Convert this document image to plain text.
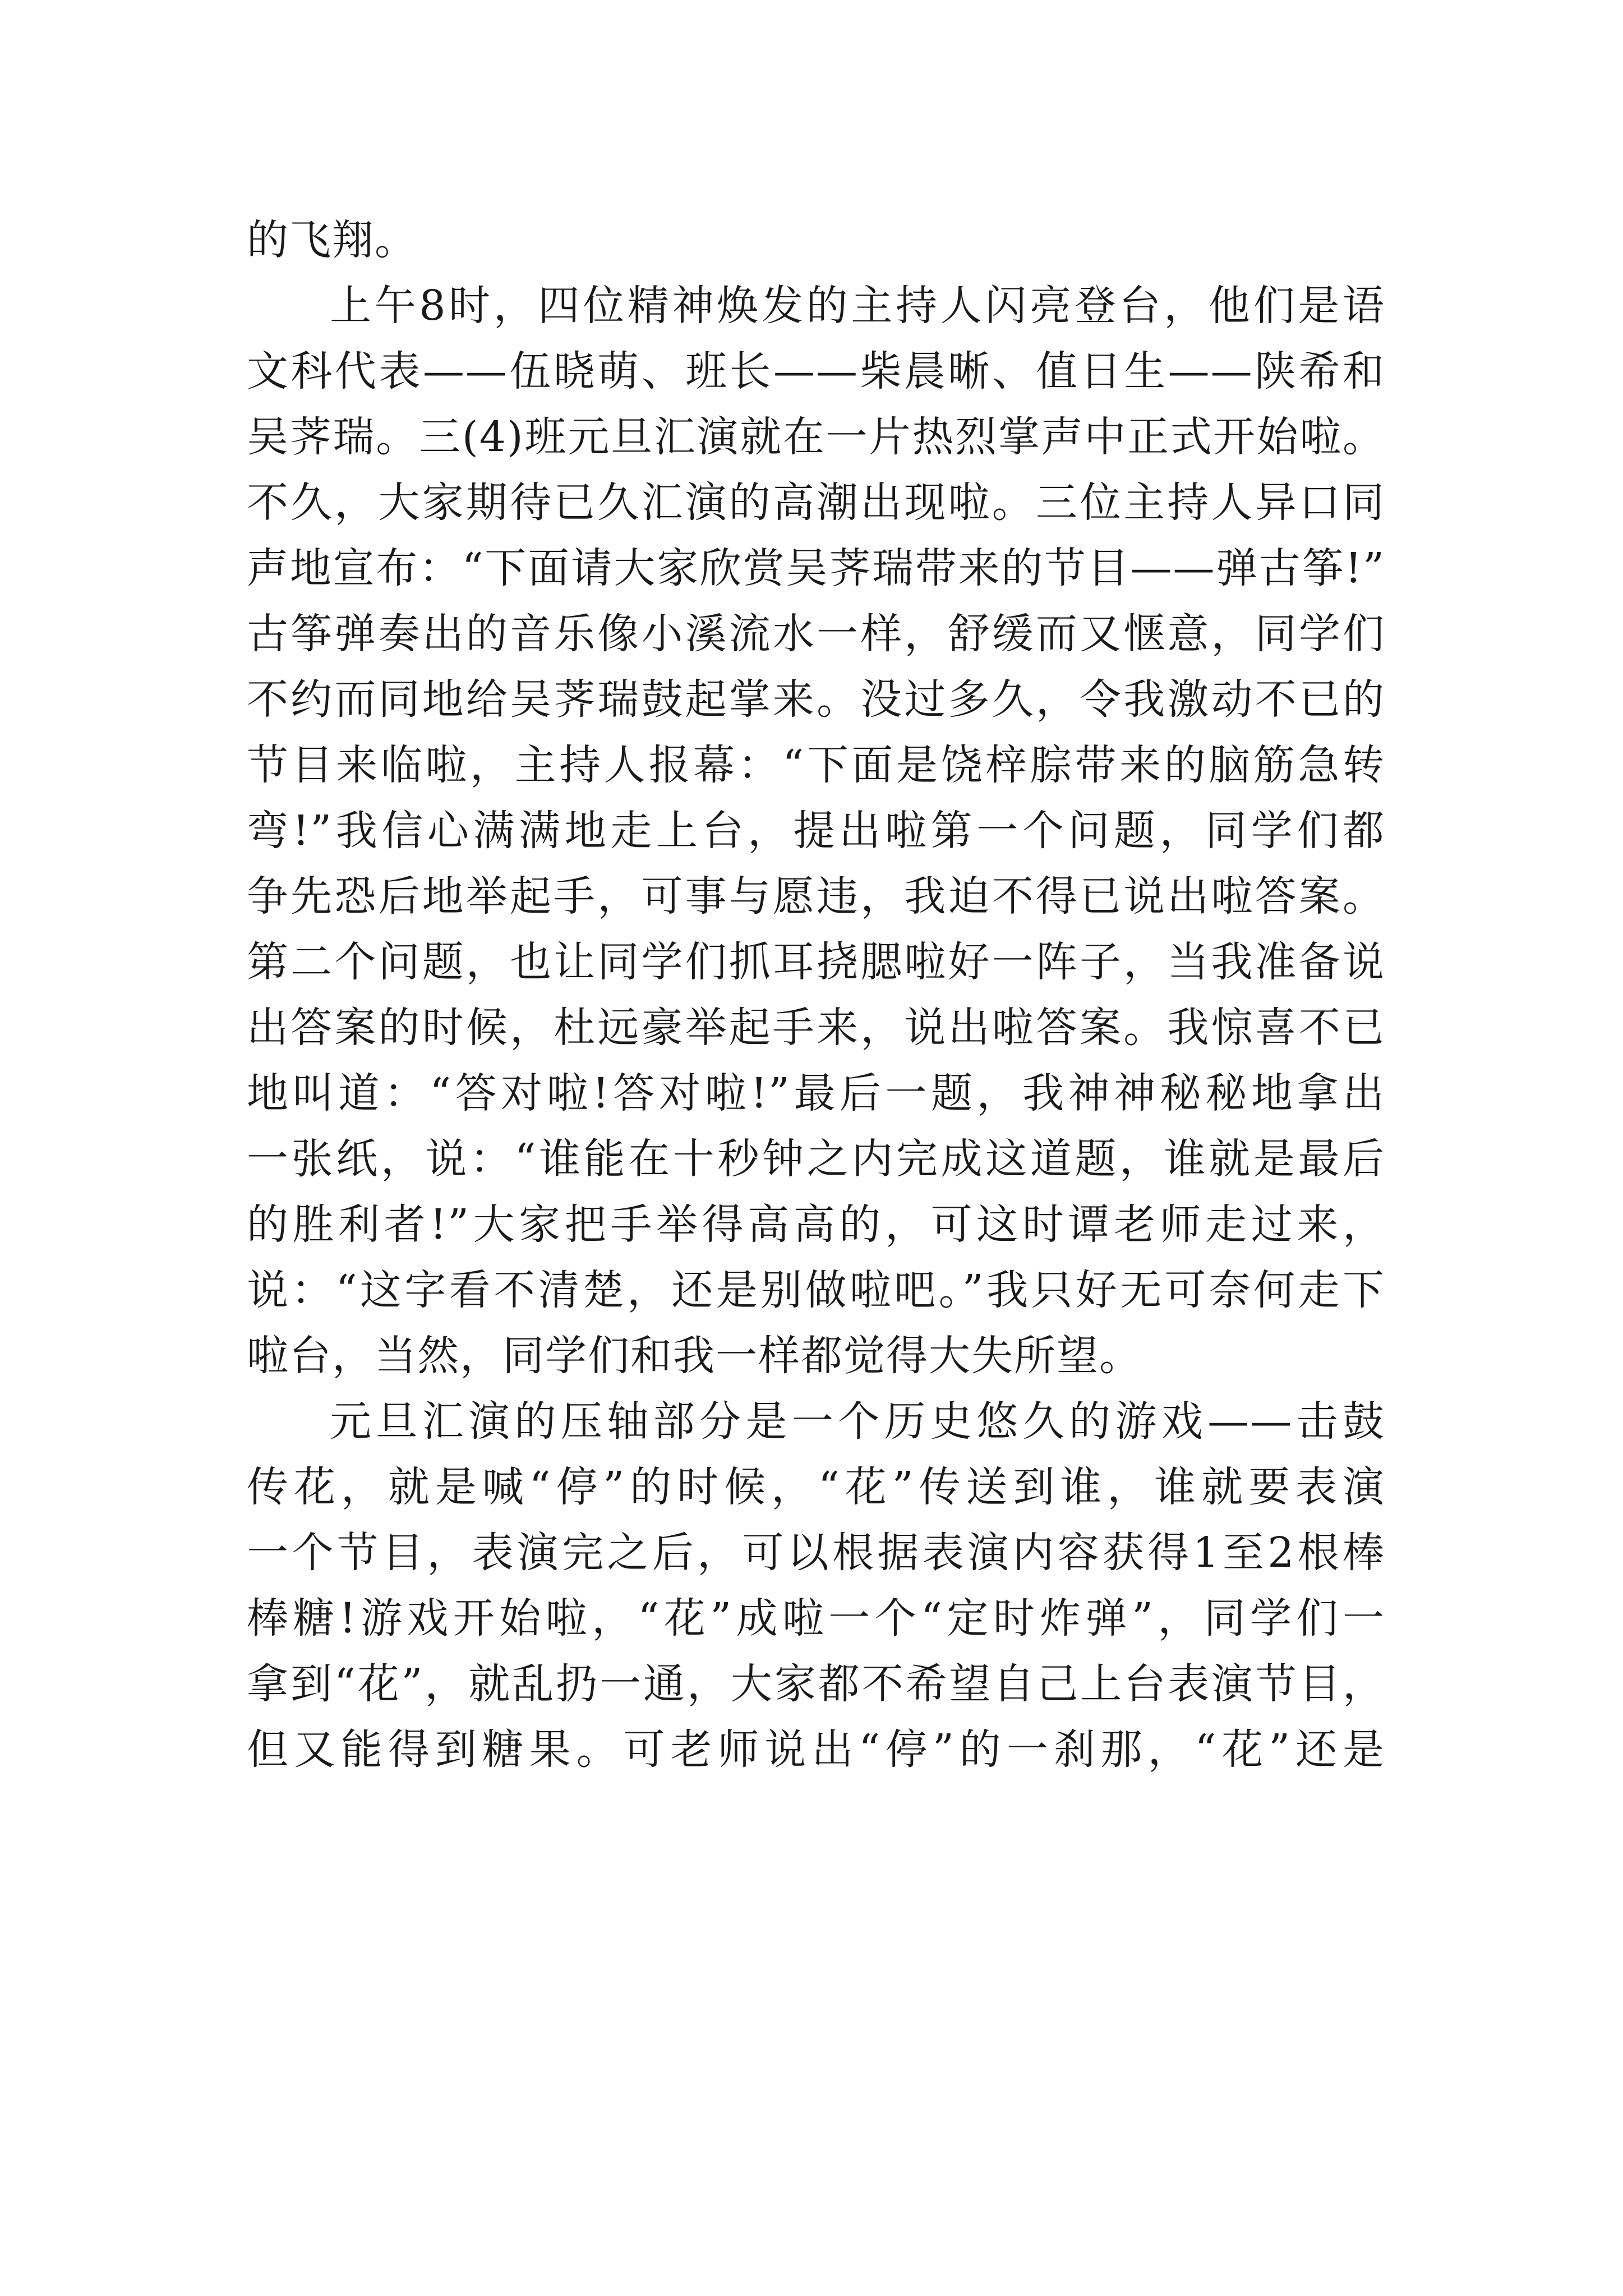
的飞翔。
上午8时，四位精神焕发的主持人闪亮登台，他们是语
文科代表——伍晓萌、班长——柴晨晰、值日生——陕希和
吴荠瑞。三(4)班元旦汇演就在一片热烈掌声中正式开始啦。
不久，大家期待已久汇演的高潮出现啦。三位主持人异口同
声地宣布：“下面请大家欣赏吴荠瑞带来的节目——弹古筝!”
古筝弹奏出的音乐像小溪流水一样，舒缓而又惬意，同学们
不约而同地给吴荠瑞鼓起掌来。没过多久，令我激动不已的
节目来临啦，主持人报幕：“下面是饶梓腙带来的脑筋急转
弯!”我信心满满地走上台，提出啦第一个问题，同学们都
争先恐后地举起手，可事与愿违，我迫不得已说出啦答案。
第二个问题，也让同学们抓耳挠腮啦好一阵子，当我准备说
出答案的时候，杜远豪举起手来，说出啦答案。我惊喜不已
地叫道：“答对啦!答对啦!”最后一题，我神神秘秘地拿出
一张纸，说：“谁能在十秒钟之内完成这道题，谁就是最后
的胜利者!”大家把手举得高高的，可这时谭老师走过来，
说：“这字看不清楚，还是别做啦吧。”我只好无可奈何走下
啦台，当然，同学们和我一样都觉得大失所望。
元旦汇演的压轴部分是一个历史悠久的游戏——击鼓
传花，就是喊“停”的时候，“花”传送到谁，谁就要表演
一个节目，表演完之后，可以根据表演内容获得1至2根棒
棒糖!游戏开始啦，“花”成啦一个“定时炸弹”，同学们一
拿到“花”，就乱扔一通，大家都不希望自己上台表演节目，
但又能得到糖果。可老师说出“停”的一刹那，“花”还是
